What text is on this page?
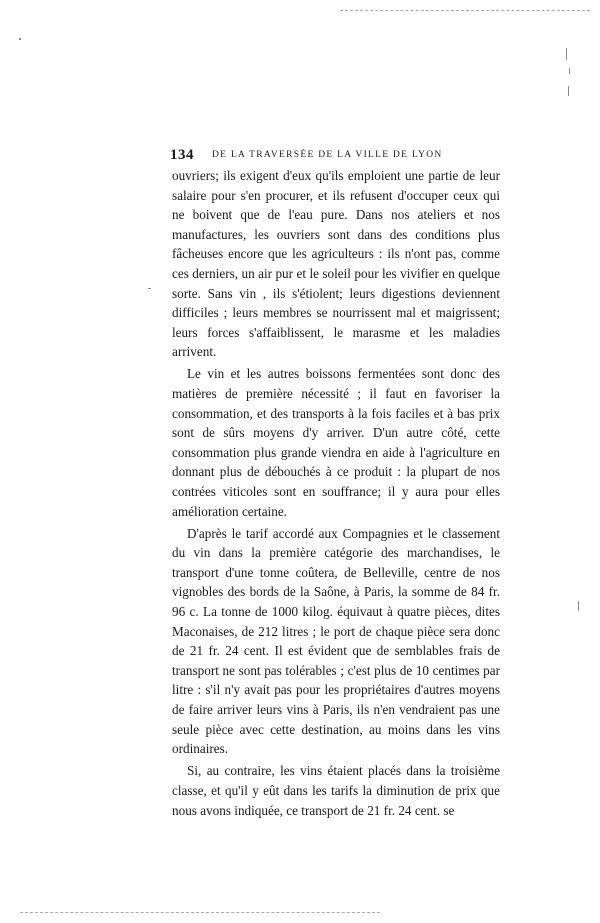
134 DE LA TRAVERSÉE DE LA VILLE DE LYON

ouvriers; ils exigent d'eux qu'ils emploient une partie de leur salaire pour s'en procurer, et ils refusent d'occuper ceux qui ne boivent que de l'eau pure. Dans nos ateliers et nos manufactures, les ouvriers sont dans des conditions plus fâcheuses encore que les agriculteurs : ils n'ont pas, comme ces derniers, un air pur et le soleil pour les vivifier en quelque sorte. Sans vin , ils s'étiolent; leurs digestions deviennent difficiles ; leurs membres se nourrissent mal et maigrissent; leurs forces s'affaiblissent, le marasme et les maladies arrivent.

Le vin et les autres boissons fermentées sont donc des matières de première nécessité ; il faut en favoriser la consommation, et des transports à la fois faciles et à bas prix sont de sûrs moyens d'y arriver. D'un autre côté, cette consommation plus grande viendra en aide à l'agriculture en donnant plus de débouchés à ce produit : la plupart de nos contrées viticoles sont en souffrance; il y aura pour elles amélioration certaine.

D'après le tarif accordé aux Compagnies et le classement du vin dans la première catégorie des marchandises, le transport d'une tonne coûtera, de Belleville, centre de nos vignobles des bords de la Saône, à Paris, la somme de 84 fr. 96 c. La tonne de 1000 kilog. équivaut à quatre pièces, dites Maconaises, de 212 litres ; le port de chaque pièce sera donc de 21 fr. 24 cent. Il est évident que de semblables frais de transport ne sont pas tolérables ; c'est plus de 10 centimes par litre : s'il n'y avait pas pour les propriétaires d'autres moyens de faire arriver leurs vins à Paris, ils n'en vendraient pas une seule pièce avec cette destination, au moins dans les vins ordinaires.

Si, au contraire, les vins étaient placés dans la troisième classe, et qu'il y eût dans les tarifs la diminution de prix que nous avons indiquée, ce transport de 21 fr. 24 cent. se
